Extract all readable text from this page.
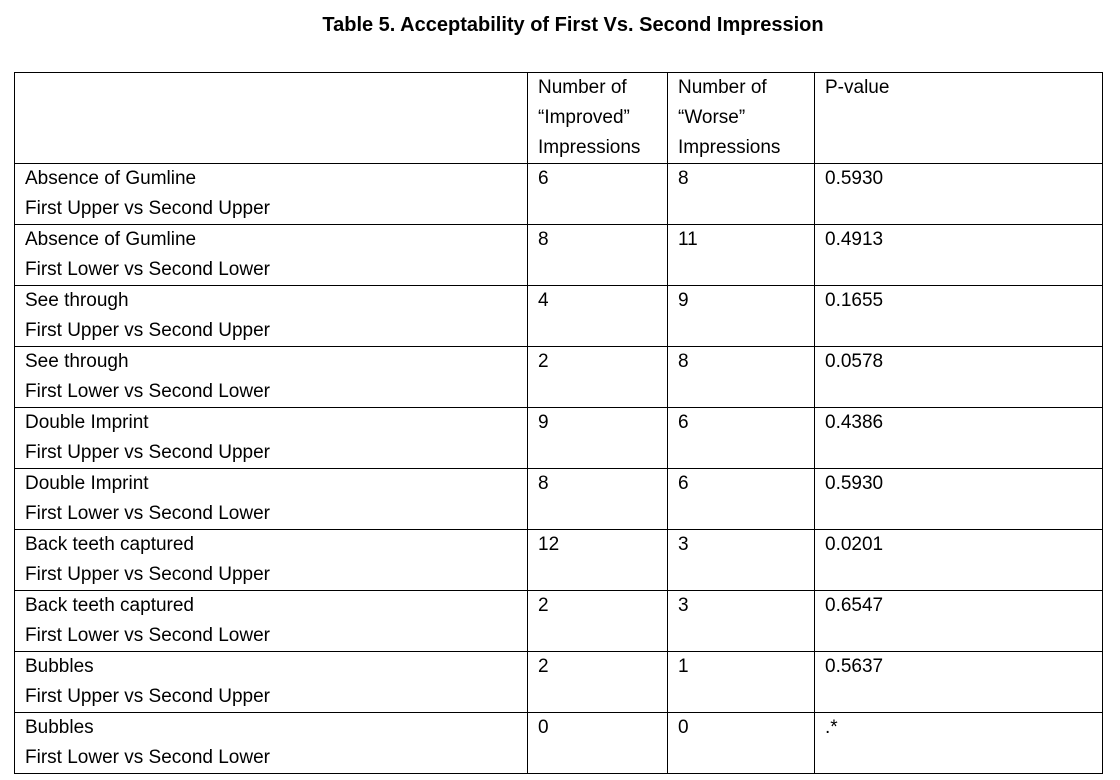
Table 5. Acceptability of First Vs. Second Impression

	Number of
“Improved”
Impressions	Number of
“Worse”
Impressions	P-value

Absence of Gumline
First Upper vs Second Upper	6	8	0.5930

Absence of Gumline
First Lower vs Second Lower	8	11	0.4913

See through
First Upper vs Second Upper	4	9	0.1655

See through
First Lower vs Second Lower	2	8	0.0578

Double Imprint
First Upper vs Second Upper	9	6	0.4386

Double Imprint
First Lower vs Second Lower	8	6	0.5930

Back teeth captured
First Upper vs Second Upper	12	3	0.0201

Back teeth captured
First Lower vs Second Lower	2	3	0.6547

Bubbles
First Upper vs Second Upper	2	1	0.5637

Bubbles
First Lower vs Second Lower	0	0	.*
